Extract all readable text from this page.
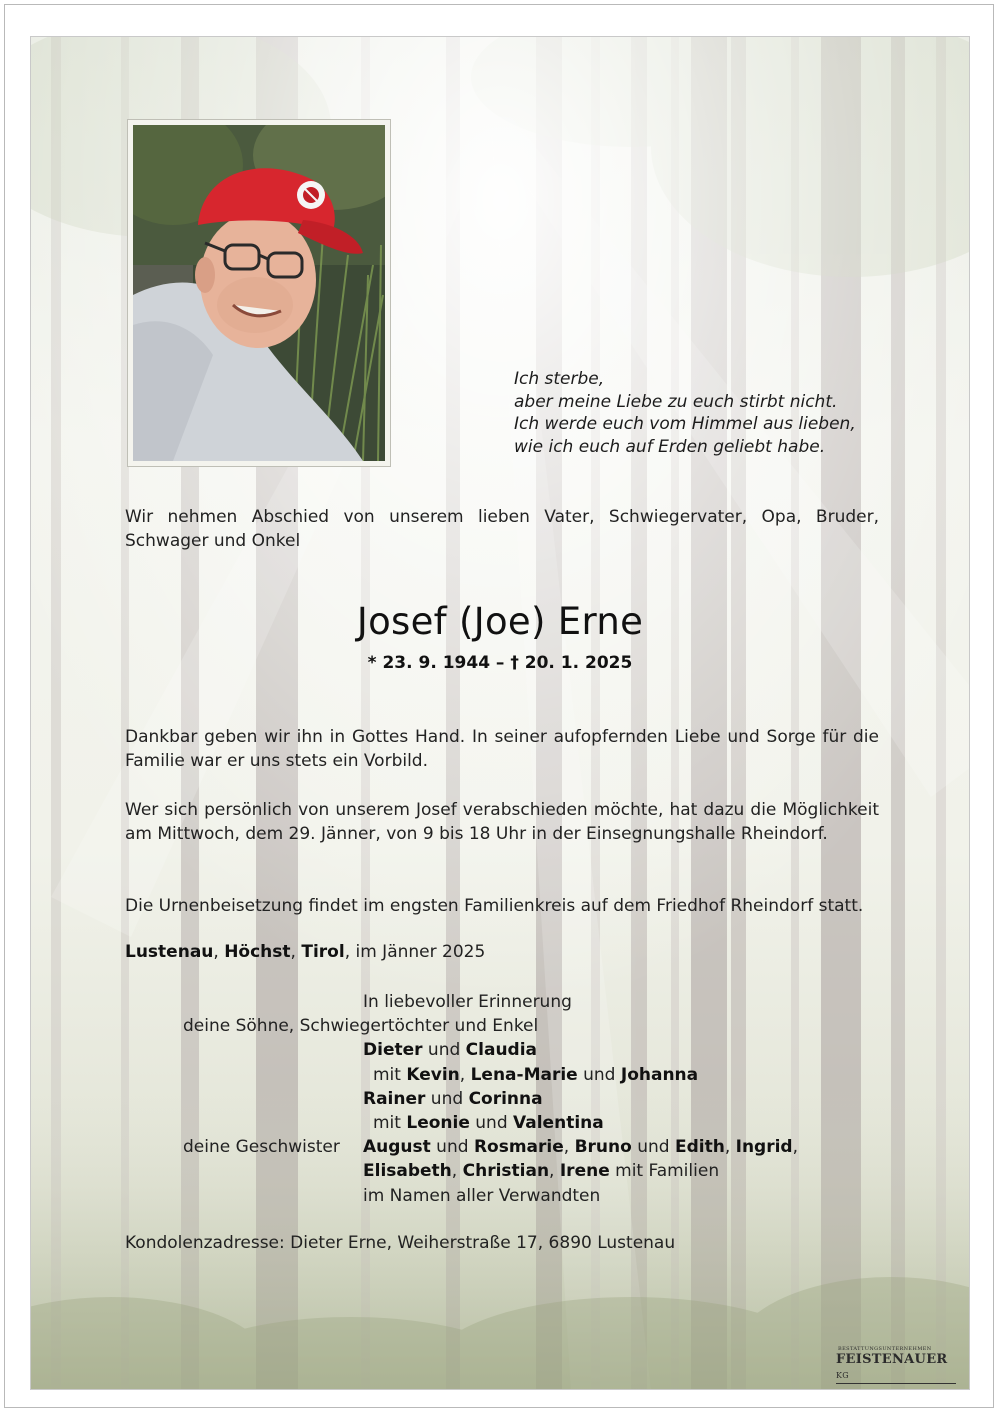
Ich sterbe,
aber meine Liebe zu euch stirbt nicht.
Ich werde euch vom Himmel aus lieben,
wie ich euch auf Erden geliebt habe.
Wir nehmen Abschied von unserem lieben Vater, Schwiegervater, Opa, Bruder, Schwager und Onkel
Josef (Joe) Erne
* 23. 9. 1944 – † 20. 1. 2025
Dankbar geben wir ihn in Gottes Hand. In seiner aufopfernden Liebe und Sorge für die Familie war er uns stets ein Vorbild.
Wer sich persönlich von unserem Josef verabschieden möchte, hat dazu die Möglichkeit am Mittwoch, dem 29. Jänner, von 9 bis 18 Uhr in der Einsegnungshalle Rheindorf.
Die Urnenbeisetzung findet im engsten Familienkreis auf dem Friedhof Rheindorf statt.
Lustenau, Höchst, Tirol, im Jänner 2025
In liebevoller Erinnerung
deine Söhne, Schwiegertöchter und Enkel
Dieter und Claudia
mit Kevin, Lena-Marie und Johanna
Rainer und Corinna
mit Leonie und Valentina
deine Geschwister August und Rosmarie, Bruno und Edith, Ingrid,
Elisabeth, Christian, Irene mit Familien
im Namen aller Verwandten
Kondolenzadresse: Dieter Erne, Weiherstraße 17, 6890 Lustenau
BESTATTUNGSUNTERNEHMEN
FEISTENAUER KG
